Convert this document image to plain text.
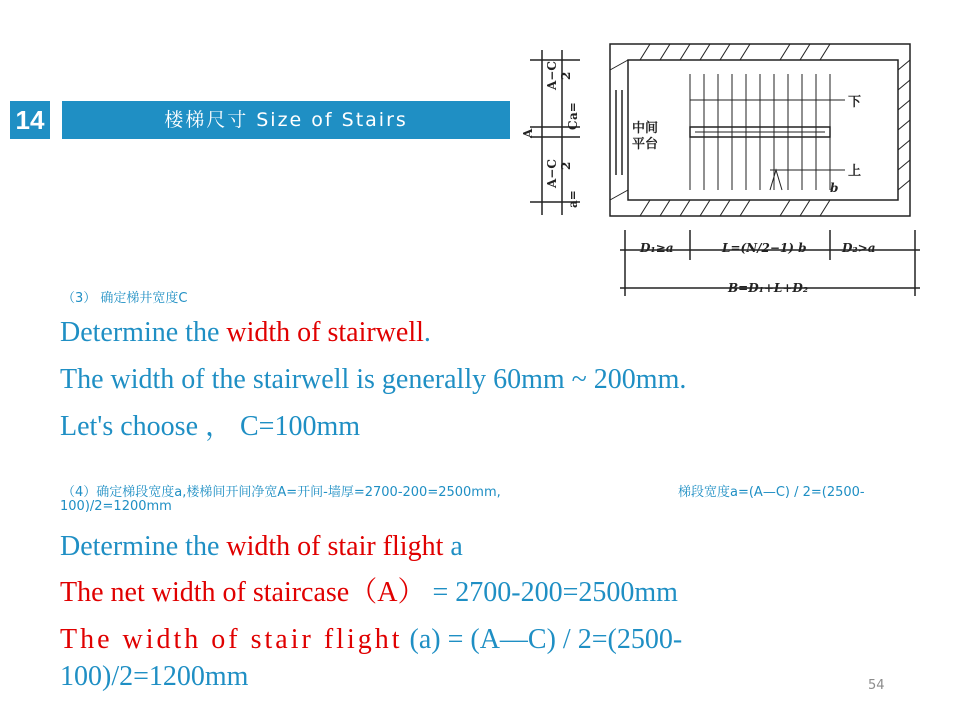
14	楼梯尺寸 Size of Stairs
A−C
A−C
A
C
a=
a=
2
2
中间
平台
下
上
b
D₁≥a	L=(N/2−1) b	D₂>a
B=D₁+L+D₂
（3） 确定梯井宽度C
Determine the width of stairwell.
The width of the stairwell is generally 60mm ~ 200mm.
Let's choose ， C=100mm
（4）确定梯段宽度a,楼梯间开间净宽A=开间-墙厚=2700-200=2500mm,	梯段宽度a=(A—C) / 2=(2500-
100)/2=1200mm
Determine the width of stair flight a
The net width of staircase（A） = 2700-200=2500mm
The width of stair flight (a) = (A—C) / 2=(2500-
100)/2=1200mm	54
